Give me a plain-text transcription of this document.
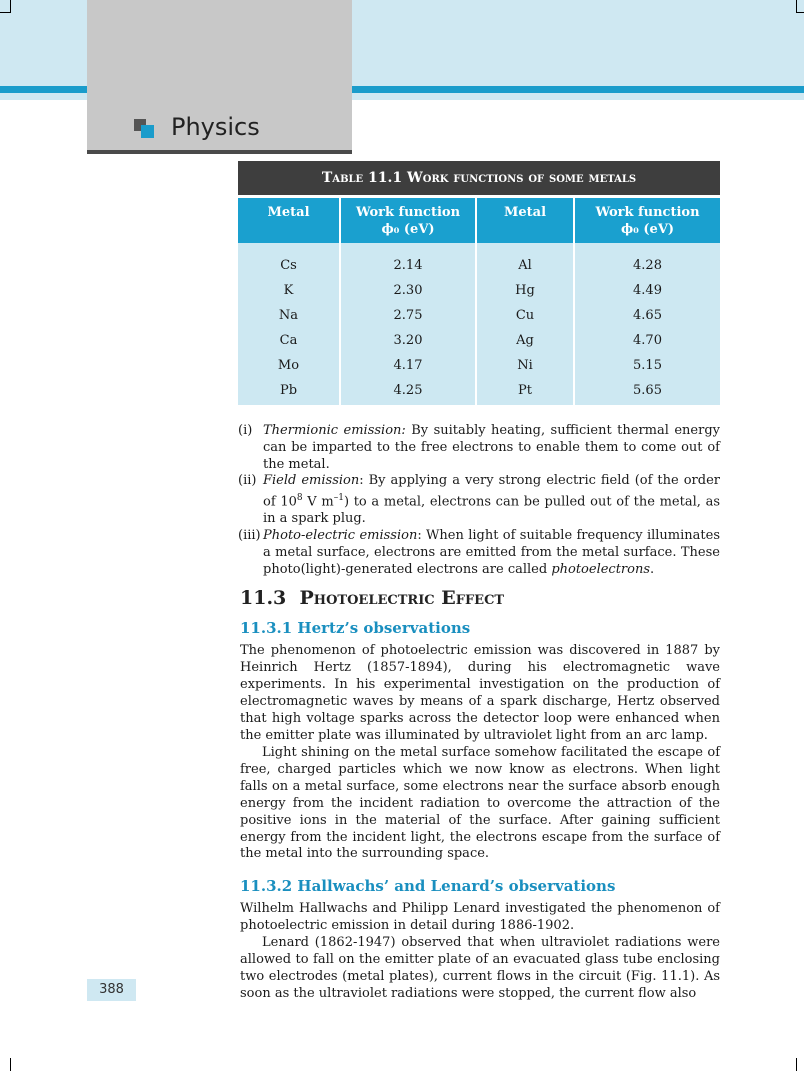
Physics
Table 11.1 Work functions of some metals
Metal	Work function
ϕ₀ (eV)
Metal	Work function
ϕ₀ (eV)
Cs
K
Na
Ca
Mo
Pb
2.14
2.30
2.75
3.20
4.17
4.25
Al
Hg
Cu
Ag
Ni
Pt
4.28
4.49
4.65
4.70
5.15
5.65
(i) Thermionic emission: By suitably heating, sufficient thermal energy can be imparted to the free electrons to enable them to come out of the metal.
(ii) Field emission: By applying a very strong electric field (of the order of $10^8$ V $m^{-1}$) to a metal, electrons can be pulled out of the metal, as in a spark plug.
(iii) Photo-electric emission: When light of suitable frequency illuminates a metal surface, electrons are emitted from the metal surface. These photo(light)-generated electrons are called photoelectrons.
11.3 Photoelectric Effect
11.3.1 Hertz’s observations
The phenomenon of photoelectric emission was discovered in 1887 by Heinrich Hertz (1857-1894), during his electromagnetic wave experiments. In his experimental investigation on the production of electromagnetic waves by means of a spark discharge, Hertz observed that high voltage sparks across the detector loop were enhanced when the emitter plate was illuminated by ultraviolet light from an arc lamp.
Light shining on the metal surface somehow facilitated the escape of free, charged particles which we now know as electrons. When light falls on a metal surface, some electrons near the surface absorb enough energy from the incident radiation to overcome the attraction of the positive ions in the material of the surface. After gaining sufficient energy from the incident light, the electrons escape from the surface of the metal into the surrounding space.
11.3.2 Hallwachs’ and Lenard’s observations
Wilhelm Hallwachs and Philipp Lenard investigated the phenomenon of photoelectric emission in detail during 1886-1902.
Lenard (1862-1947) observed that when ultraviolet radiations were allowed to fall on the emitter plate of an evacuated glass tube enclosing two electrodes (metal plates), current flows in the circuit (Fig. 11.1). As soon as the ultraviolet radiations were stopped, the current flow also
388
